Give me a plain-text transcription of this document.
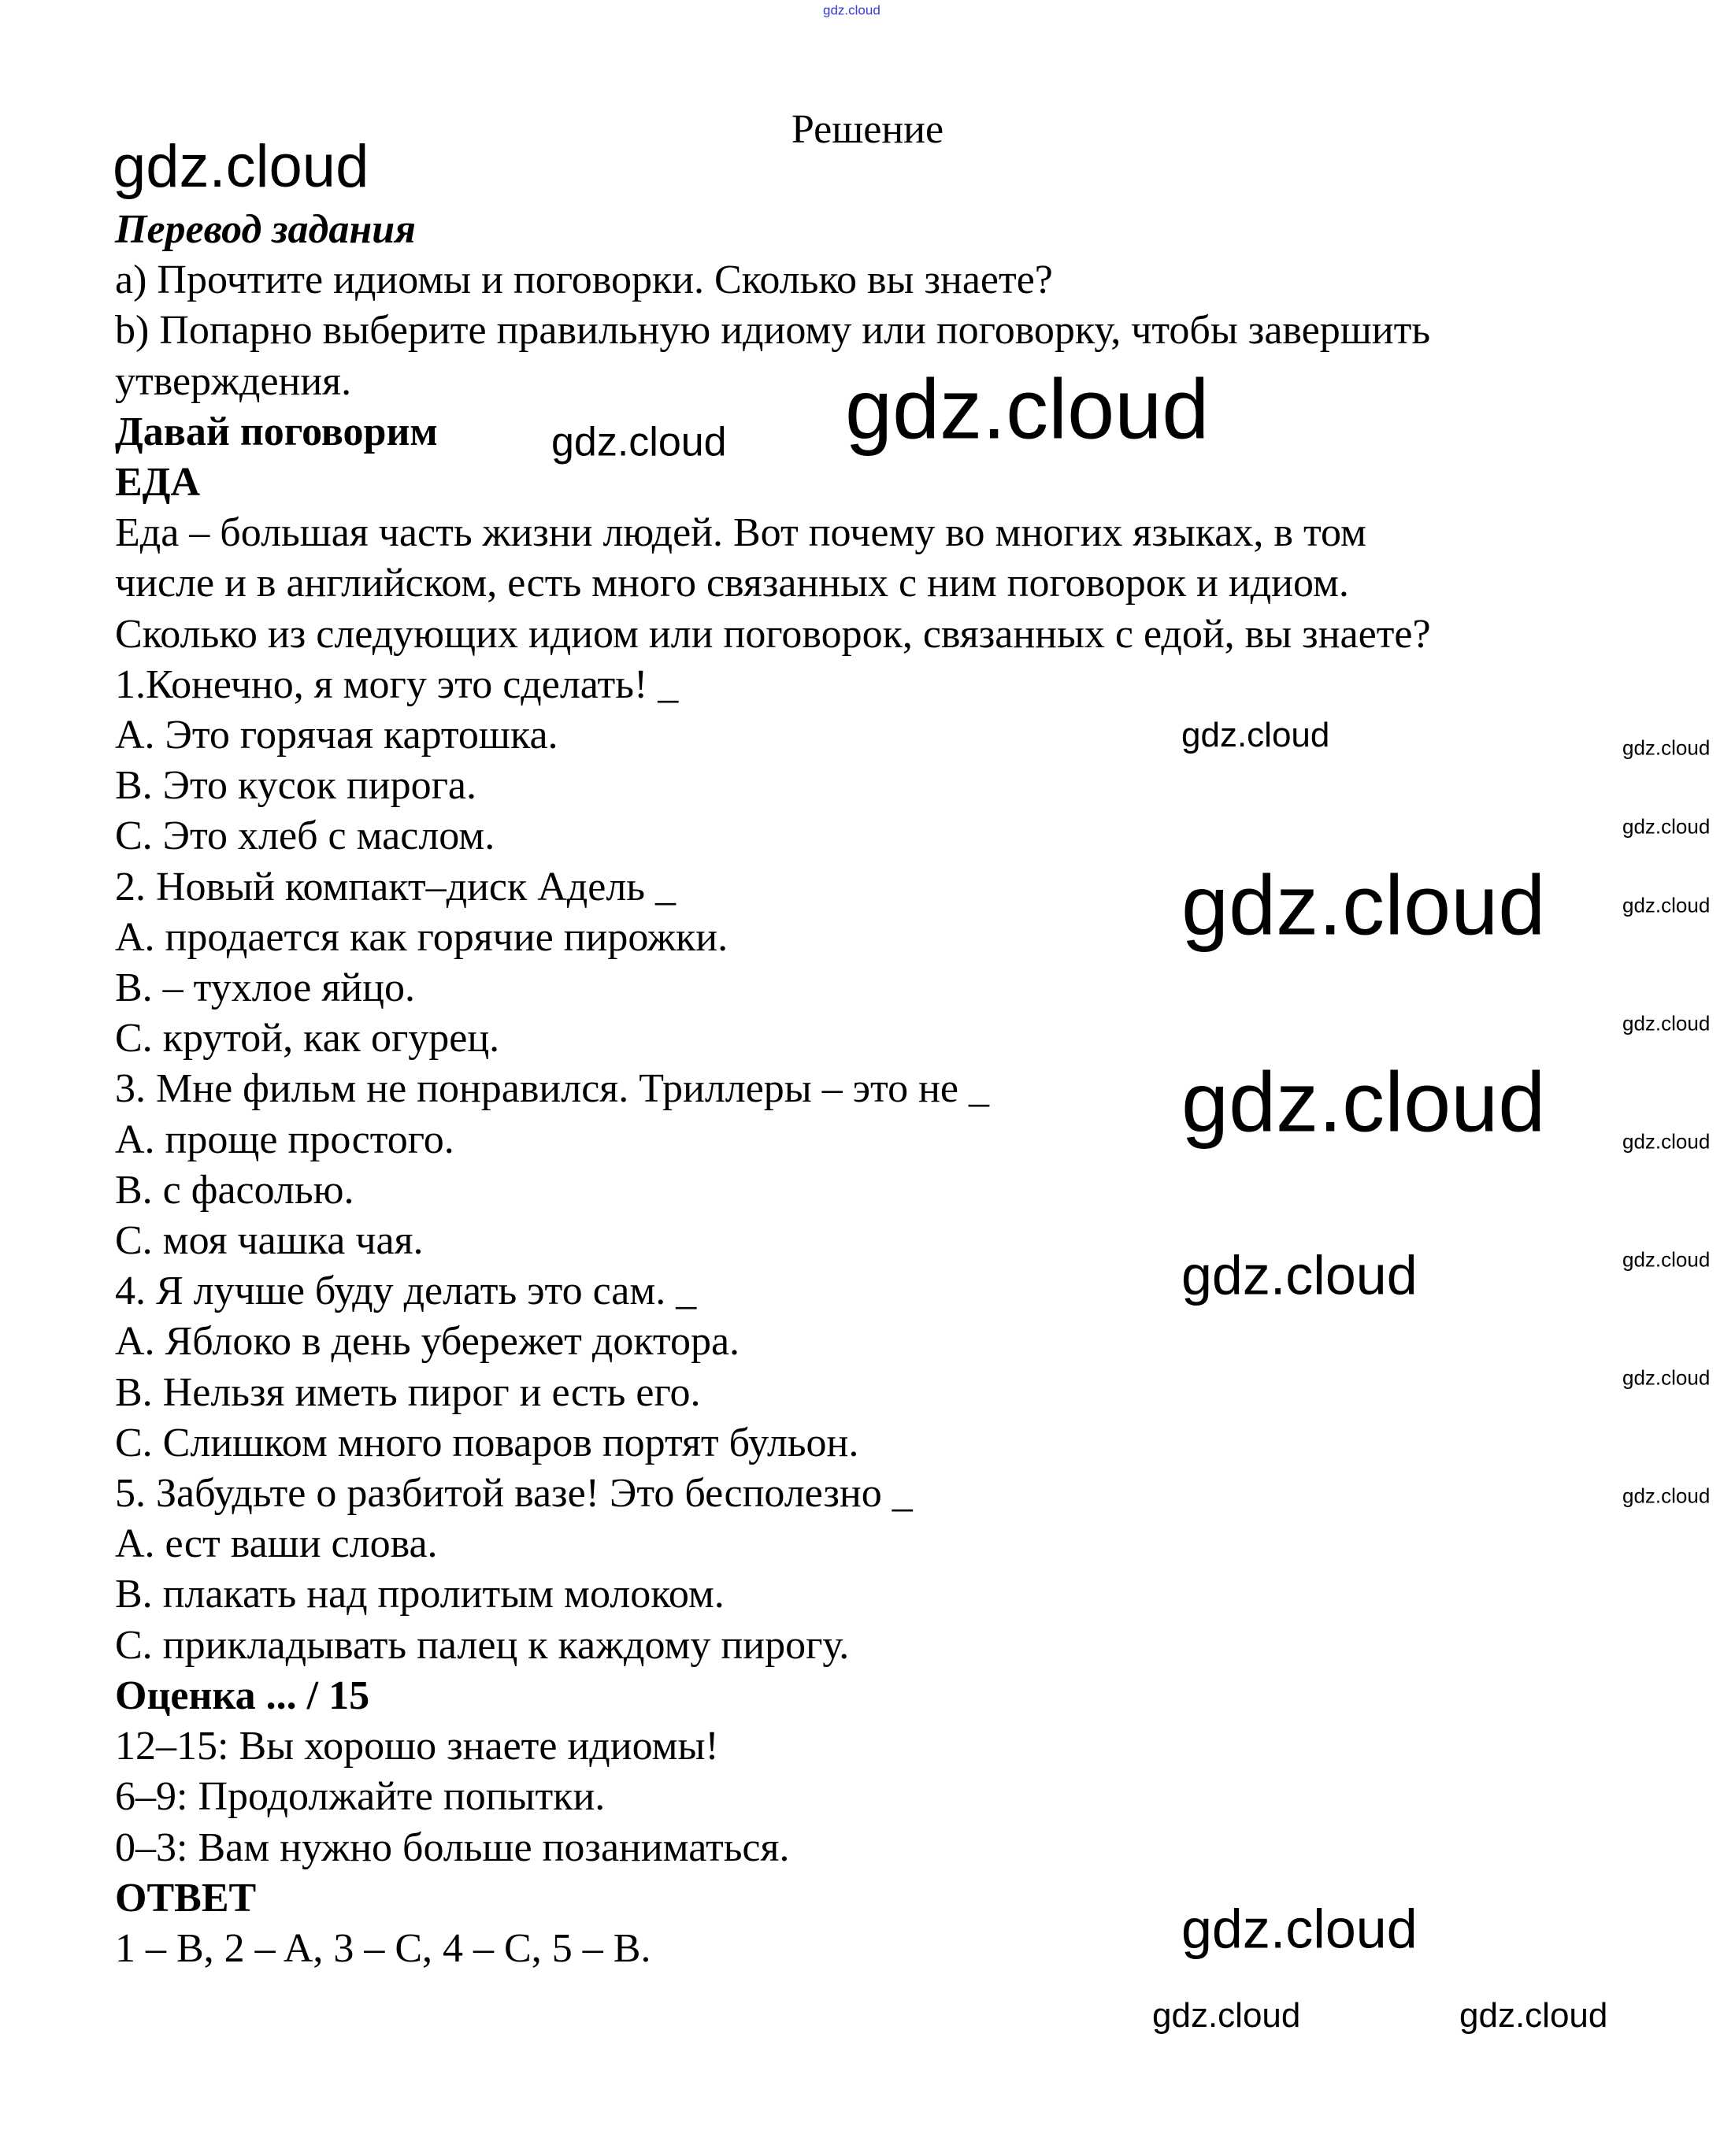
gdz.cloud
Решение
gdz.cloud
Перевод задания
a) Прочтите идиомы и поговорки. Сколько вы знаете?
b) Попарно выберите правильную идиому или поговорку, чтобы завершить
утверждения.
Давай поговорим
ЕДА
Еда – большая часть жизни людей. Вот почему во многих языках, в том
числе и в английском, есть много связанных с ним поговорок и идиом.
Сколько из следующих идиом или поговорок, связанных с едой, вы знаете?
1.Конечно, я могу это сделать! _
A. Это горячая картошка.
B. Это кусок пирога.
C. Это хлеб с маслом.
2. Новый компакт–диск Адель _
A. продается как горячие пирожки.
B. – тухлое яйцо.
C. крутой, как огурец.
3. Мне фильм не понравился. Триллеры – это не _
A. проще простого.
B. с фасолью.
C. моя чашка чая.
4. Я лучше буду делать это сам. _
A. Яблоко в день убережет доктора.
B. Нельзя иметь пирог и есть его.
C. Слишком много поваров портят бульон.
5. Забудьте о разбитой вазе! Это бесполезно _
A. ест ваши слова.
B. плакать над пролитым молоком.
C. прикладывать палец к каждому пирогу.
Оценка ... / 15
12–15: Вы хорошо знаете идиомы!
6–9: Продолжайте попытки.
0–3: Вам нужно больше позаниматься.
ОТВЕТ
1 – B, 2 – A, 3 – C, 4 – C, 5 – B.
gdz.cloud gdz.cloud
gdz.cloud
gdz.cloud
gdz.cloud
gdz.cloud
gdz.cloud
gdz.cloud	gdz.cloud
gdz.cloud
gdz.cloud
gdz.cloud
gdz.cloud
gdz.cloud
gdz.cloud
gdz.cloud
gdz.cloud
